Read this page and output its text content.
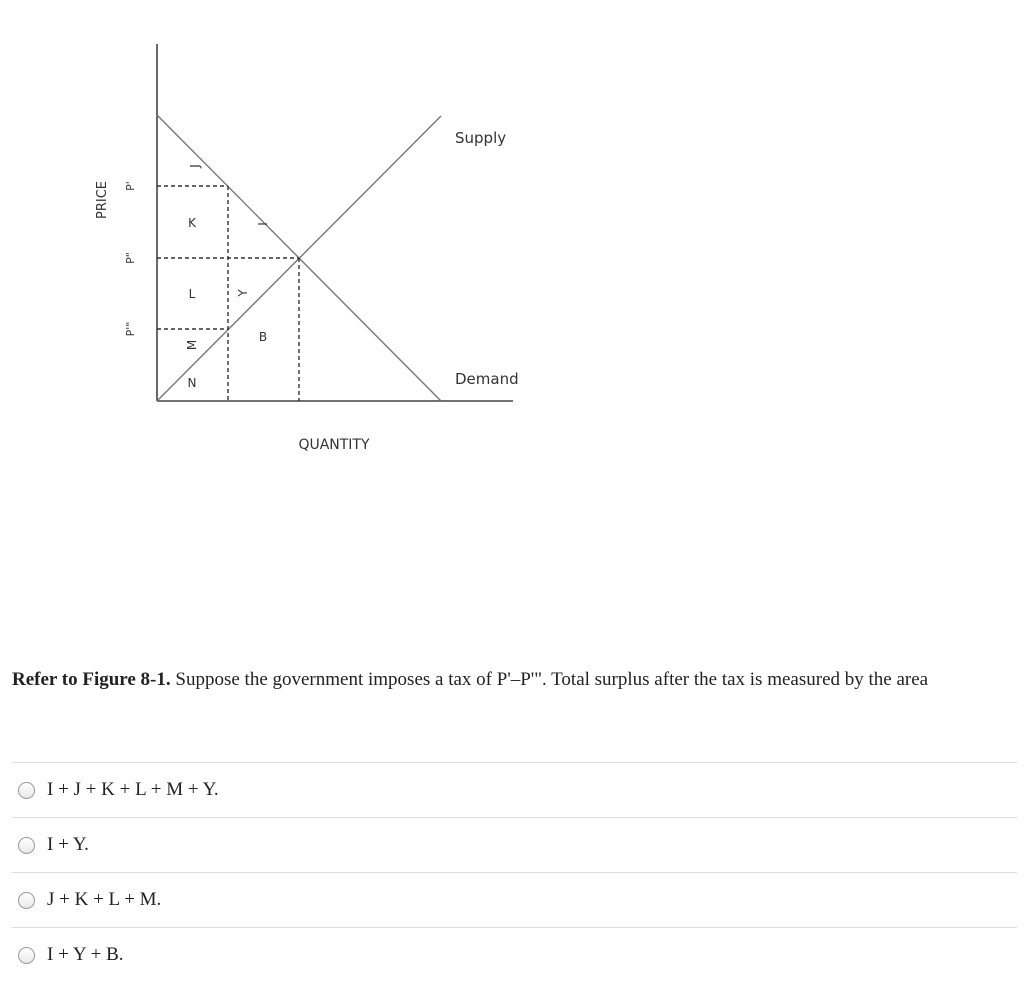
PRICE
QUANTITY
Supply
Demand
P'
P"
P'"
J
K	I
L	Y
M
B
N
Refer to Figure 8-1. Suppose the government imposes a tax of P'–P'". Total surplus after the tax is measured by the area
I + J + K + L + M + Y.
I + Y.
J + K + L + M.
I + Y + B.
